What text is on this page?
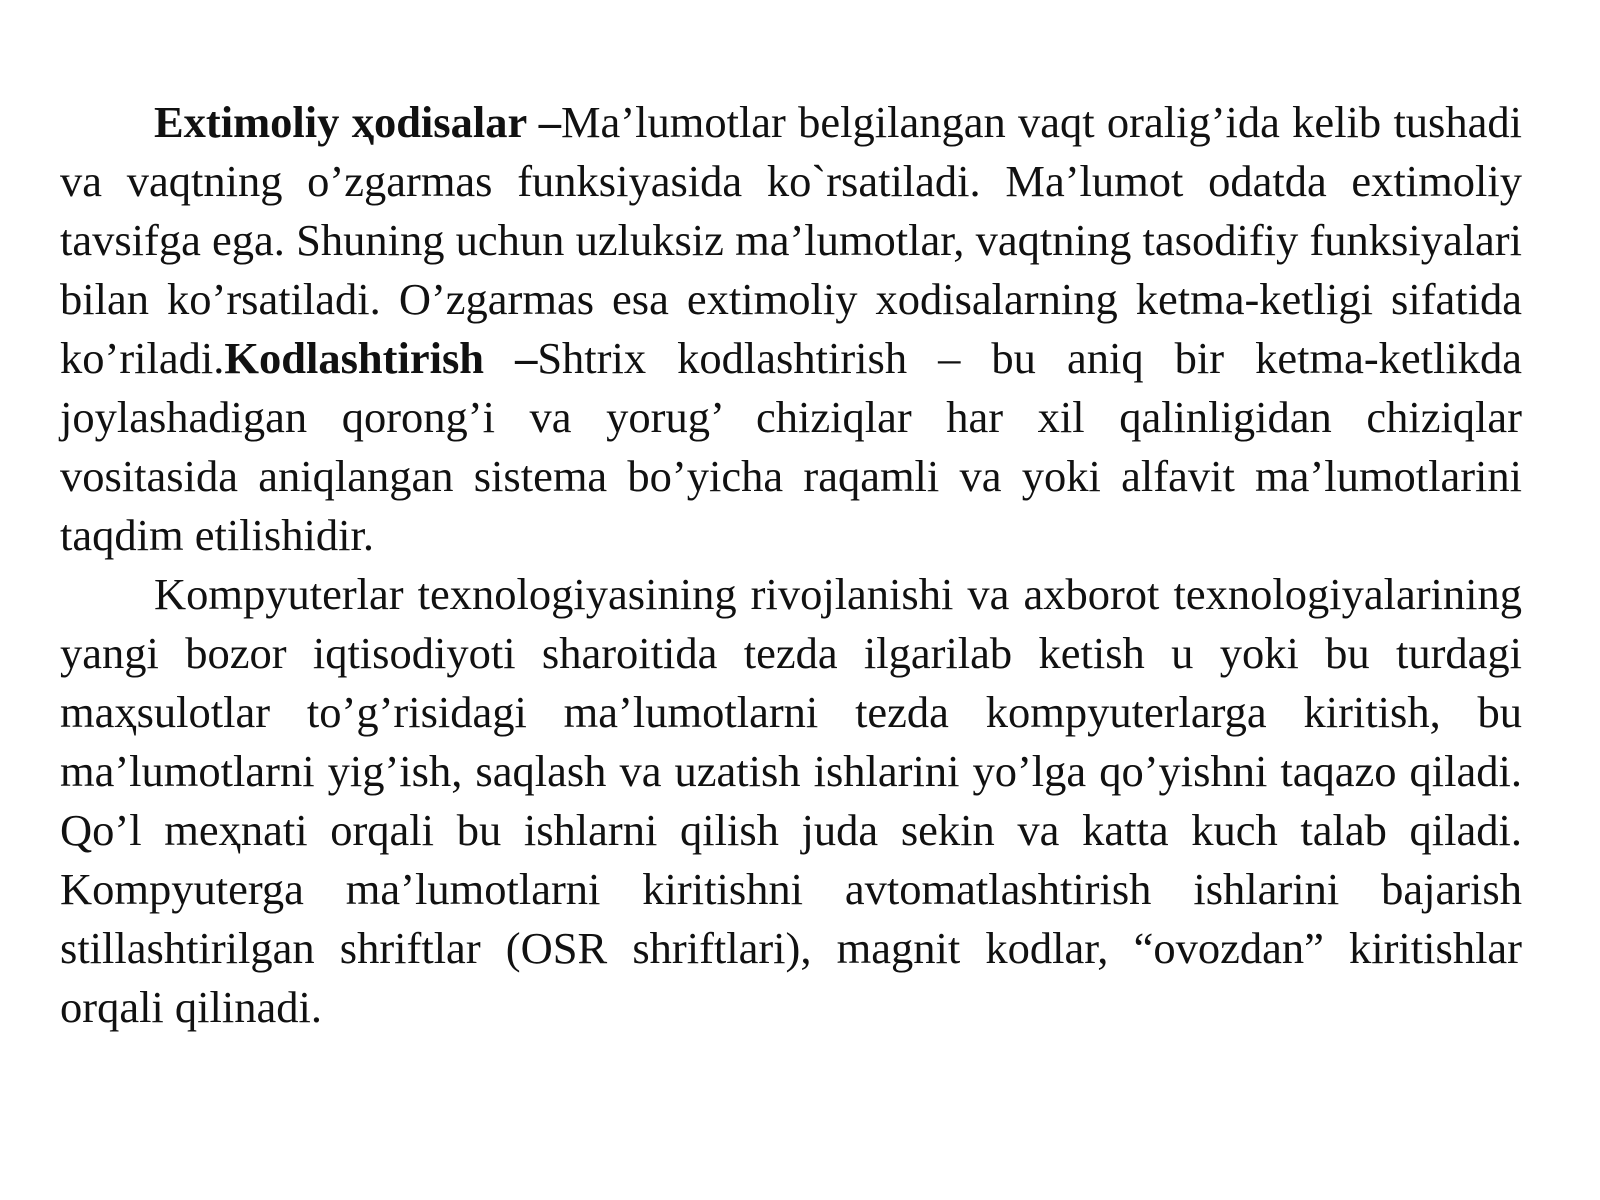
Extimoliy ҳodisalar –Ma’lumotlar belgilangan vaqt oralig’ida kelib tushadi va vaqtning o’zgarmas funksiyasida ko`rsatiladi. Ma’lumot odatda extimoliy tavsifga ega. Shuning uchun uzluksiz ma’lumotlar, vaqtning tasodifiy funksiyalari bilan ko’rsatiladi. O’zgarmas esa extimoliy xodisalarning ketma-ketligi sifatida ko’riladi.Kodlashtirish –Shtrix kodlashtirish – bu aniq bir ketma-ketlikda joylashadigan qorong’i va yorug’ chiziqlar har xil qalinligidan chiziqlar vositasida aniqlangan sistema bo’yicha raqamli va yoki alfavit ma’lumotlarini taqdim etilishidir.

Kompyuterlar texnologiyasining rivojlanishi va axborot texnologiyalarining yangi bozor iqtisodiyoti sharoitida tezda ilgarilab ketish u yoki bu turdagi maҳsulotlar to’g’risidagi ma’lumotlarni tezda kompyuterlarga kiritish, bu ma’lumotlarni yig’ish, saqlash va uzatish ishlarini yo’lga qo’yishni taqazo qiladi. Qo’l meҳnati orqali bu ishlarni qilish juda sekin va katta kuch talab qiladi. Kompyuterga ma’lumotlarni kiritishni avtomatlashtirish ishlarini bajarish stillashtirilgan shriftlar (OSR shriftlari), magnit kodlar, “ovozdan” kiritishlar orqali qilinadi.
